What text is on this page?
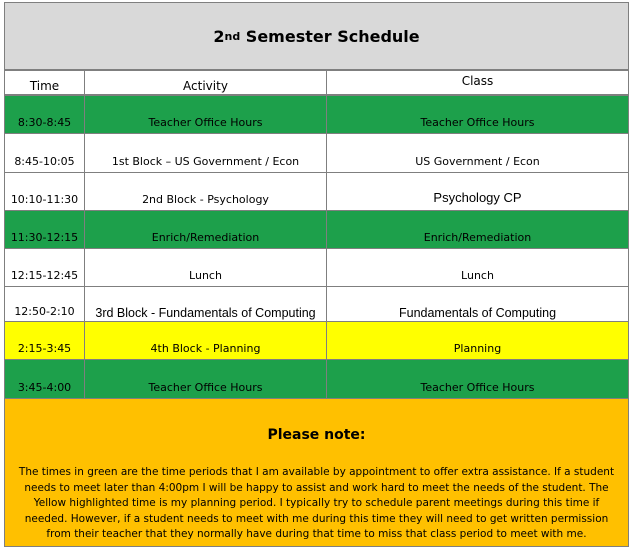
2 nd Semester Schedule
Time	Activity	Class
8:30-8:45	Teacher Office Hours	Teacher Office Hours
8:45-10:05	1st Block – US Government / Econ	US Government / Econ
10:10-11:30	2nd Block - Psychology	Psychology CP
11:30-12:15	Enrich/Remediation	Enrich/Remediation
12:15-12:45	Lunch	Lunch
12:50-2:10	3rd Block - Fundamentals of Computing	Fundamentals of Computing
2:15-3:45	4th Block - Planning	Planning
3:45-4:00	Teacher Office Hours	Teacher Office Hours
Please note:
The times in green are the time periods that I am available by appointment to offer extra assistance. If a student
needs to meet later than 4:00pm I will be happy to assist and work hard to meet the needs of the student. The
Yellow highlighted time is my planning period. I typically try to schedule parent meetings during this time if
needed. However, if a student needs to meet with me during this time they will need to get written permission
from their teacher that they normally have during that time to miss that class period to meet with me.
